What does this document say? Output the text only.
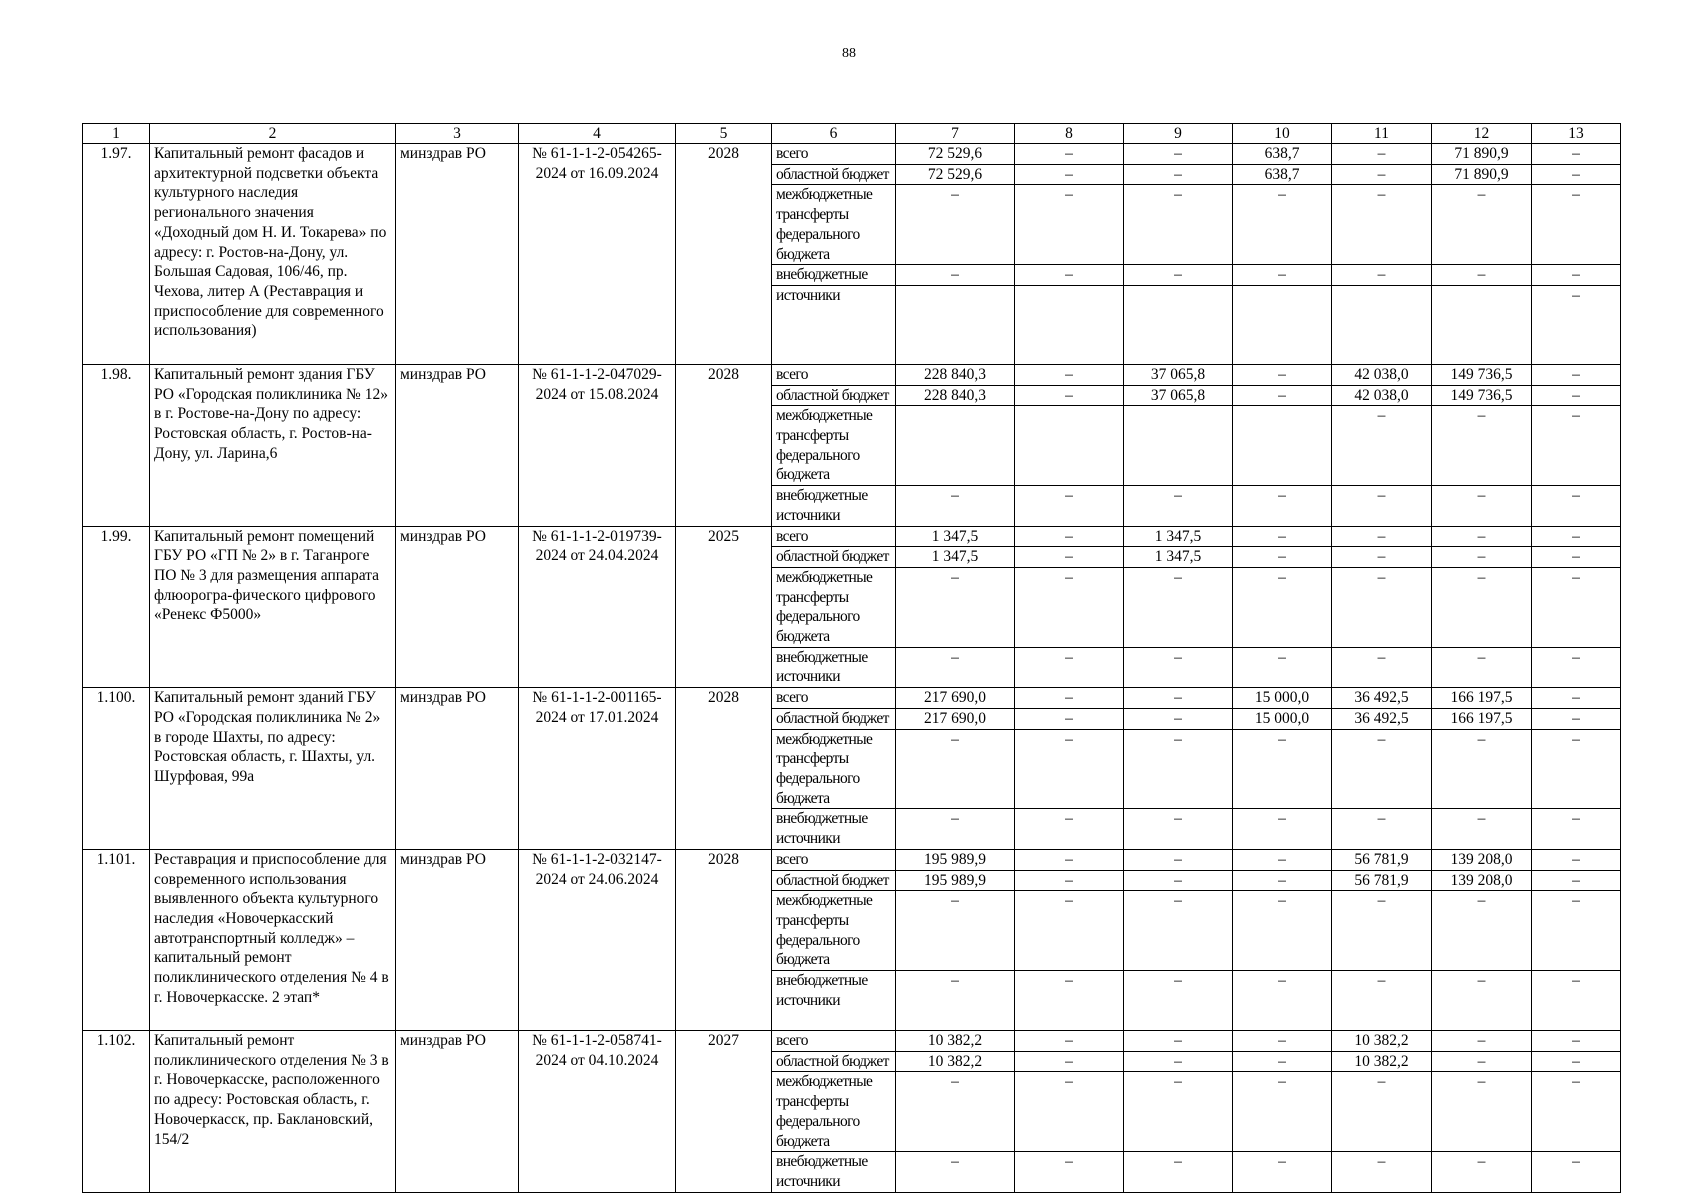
88
1	2	3	4	5	6	7	8	9	10	11	12	13
1.97.	Капитальный ремонт фасадов и архитектурной подсветки объекта культурного наследия регионального значения «Доходный дом Н. И. Токарева» по адресу: г. Ростов-на-Дону, ул. Большая Садовая, 106/46, пр. Чехова, литер А (Реставрация и приспособление для современного использования)	минздрав РО	№ 61-1-1-2-054265-2024 от 16.09.2024	2028	всего	72 529,6	–	–	638,7	–	71 890,9	–
					областной бюджет	72 529,6	–	–	638,7	–	71 890,9	–
					межбюджетные трансферты федерального бюджета	–	–	–	–	–	–	–
					внебюджетные	–	–	–	–	–	–	–
					источники							–
1.98.	Капитальный ремонт здания ГБУ РО «Городская поликлиника № 12» в г. Ростове-на-Дону по адресу: Ростовская область, г. Ростов-на-Дону, ул. Ларина,6	минздрав РО	№ 61-1-1-2-047029-2024 от 15.08.2024	2028	всего	228 840,3	–	37 065,8	–	42 038,0	149 736,5	–
					областной бюджет	228 840,3	–	37 065,8	–	42 038,0	149 736,5	–
					межбюджетные трансферты федерального бюджета					–	–	–
					внебюджетные источники	–	–	–	–	–	–	–
1.99.	Капитальный ремонт помещений ГБУ РО «ГП № 2» в г. Таганроге ПО № 3 для размещения аппарата флюорогра-фического цифрового «Ренекс Ф5000»	минздрав РО	№ 61-1-1-2-019739-2024 от 24.04.2024	2025	всего	1 347,5	–	1 347,5	–	–	–	–
					областной бюджет	1 347,5	–	1 347,5	–	–	–	–
					межбюджетные трансферты федерального бюджета	–	–	–	–	–	–	–
					внебюджетные источники	–	–	–	–	–	–	–
1.100.	Капитальный ремонт зданий ГБУ РО «Городская поликлиника № 2» в городе Шахты, по адресу: Ростовская область, г. Шахты, ул. Шурфовая, 99а	минздрав РО	№ 61-1-1-2-001165-2024 от 17.01.2024	2028	всего	217 690,0	–	–	15 000,0	36 492,5	166 197,5	–
					областной бюджет	217 690,0	–	–	15 000,0	36 492,5	166 197,5	–
					межбюджетные трансферты федерального бюджета	–	–	–	–	–	–	–
					внебюджетные источники	–	–	–	–	–	–	–
1.101.	Реставрация и приспособление для современного использования выявленного объекта культурного наследия «Новочеркасский автотранспортный колледж» – капитальный ремонт поликлинического отделения № 4 в г. Новочеркасске. 2 этап*	минздрав РО	№ 61-1-1-2-032147-2024 от 24.06.2024	2028	всего	195 989,9	–	–	–	56 781,9	139 208,0	–
					областной бюджет	195 989,9	–	–	–	56 781,9	139 208,0	–
					межбюджетные трансферты федерального бюджета	–	–	–	–	–	–	–
					внебюджетные источники	–	–	–	–	–	–	–
1.102.	Капитальный ремонт поликлинического отделения № 3 в г. Новочеркасске, расположенного по адресу: Ростовская область, г. Новочеркасск, пр. Баклановский, 154/2	минздрав РО	№ 61-1-1-2-058741-2024 от 04.10.2024	2027	всего	10 382,2	–	–	–	10 382,2	–	–
					областной бюджет	10 382,2	–	–	–	10 382,2	–	–
					межбюджетные трансферты федерального бюджета	–	–	–	–	–	–	–
					внебюджетные источники	–	–	–	–	–	–	–
